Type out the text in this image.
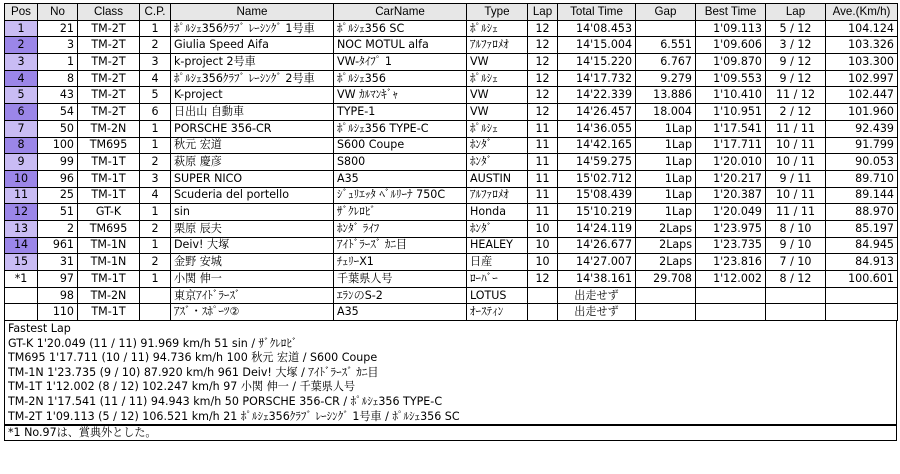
Pos	No	Class	C.P.	Name	CarName	Type	Lap	Total Time	Gap	Best Time	Lap	Ave.(Km/h)
1	21	TM-2T	1	ﾎﾟﾙｼｪ356ｸﾗﾌﾞ ﾚｰｼﾝｸﾞ 1号車	ﾎﾟﾙｼｪ356 SC	ﾎﾟﾙｼｪ	12	14'08.453		1'09.113	5 / 12	104.124
2	3	TM-2T	2	Giulia Speed Aifa	NOC MOTUL alfa	ｱﾙﾌｧﾛﾒｵ	12	14'15.004	6.551	1'09.606	3 / 12	103.326
3	1	TM-2T	3	k-project 2号車	VW-ﾀｲﾌﾟ 1	VW	12	14'15.220	6.767	1'09.870	9 / 12	103.300
4	8	TM-2T	4	ﾎﾟﾙｼｪ356ｸﾗﾌﾞ ﾚｰｼﾝｸﾞ 2号車	ﾎﾟﾙｼｪ356	ﾎﾟﾙｼｪ	12	14'17.732	9.279	1'09.553	9 / 12	102.997
5	43	TM-2T	5	K-project	VW ｶﾙﾏﾝｷﾞｬ	VW	12	14'22.339	13.886	1'10.410	11 / 12	102.447
6	54	TM-2T	6	日出山 自動車	TYPE-1	VW	12	14'26.457	18.004	1'10.951	2 / 12	101.960
7	50	TM-2N	1	PORSCHE 356-CR	ﾎﾟﾙｼｪ356 TYPE-C	ﾎﾟﾙｼｪ	11	14'36.055	1Lap	1'17.541	11 / 11	92.439
8	100	TM695	1	秋元 宏道	S600 Coupe	ﾎﾝﾀﾞ	11	14'42.165	1Lap	1'17.711	10 / 11	91.799
9	99	TM-1T	2	萩原 慶彦	S800	ﾎﾝﾀﾞ	11	14'59.275	1Lap	1'20.010	10 / 11	90.053
10	96	TM-1T	3	SUPER NICO	A35	AUSTIN	11	15'02.712	1Lap	1'20.217	9 / 11	89.710
11	25	TM-1T	4	Scuderia del portello	ｼﾞｭﾘｴｯﾀ ﾍﾞﾙﾘｰﾅ 750C	ｱﾙﾌｧﾛﾒｵ	11	15'08.439	1Lap	1'20.387	10 / 11	89.144
12	51	GT-K	1	sin	ｻﾞｸﾚﾛﾋﾞ	Honda	11	15'10.219	1Lap	1'20.049	11 / 11	88.970
13	2	TM695	2	栗原 辰夫	ﾎﾝﾀﾞ ﾗｲﾌ	ﾎﾝﾀﾞ	10	14'24.119	2Laps	1'23.975	8 / 10	85.197
14	961	TM-1N	1	Deiv! 大塚	ｱｲﾄﾞﾗｰｽﾞ ｶﾆ目	HEALEY	10	14'26.677	2Laps	1'23.735	9 / 10	84.945
15	31	TM-1N	2	金野 安城	ﾁｪﾘｰX1	日産	10	14'27.007	2Laps	1'23.816	7 / 10	84.913
*1	97	TM-1T	1	小関 伸一	千葉県人号	ﾛｰﾊﾞｰ	12	14'38.161	29.708	1'12.002	8 / 12	100.601
	98	TM-2N		東京ｱｲﾄﾞﾗｰｽﾞ	ｴﾗﾝのS-2	LOTUS		出走せず				
	110	TM-1T		ｱｽﾞ・ｽﾎﾟｰﾂ②	A35	ｵｰｽﾃｨﾝ		出走せず				
Fastest Lap
GT-K 1'20.049 (11 / 11) 91.969 km/h 51 sin / ｻﾞｸﾚﾛﾋﾞ
TM695 1'17.711 (10 / 11) 94.736 km/h 100 秋元 宏道 / S600 Coupe
TM-1N 1'23.735 (9 / 10) 87.920 km/h 961 Deiv! 大塚 / ｱｲﾄﾞﾗｰｽﾞ ｶﾆ目
TM-1T 1'12.002 (8 / 12) 102.247 km/h 97 小関 伸一 / 千葉県人号
TM-2N 1'17.541 (11 / 11) 94.943 km/h 50 PORSCHE 356-CR / ﾎﾟﾙｼｪ356 TYPE-C
TM-2T 1'09.113 (5 / 12) 106.521 km/h 21 ﾎﾟﾙｼｪ356ｸﾗﾌﾞ ﾚｰｼﾝｸﾞ 1号車 / ﾎﾟﾙｼｪ356 SC
*1 No.97は、賞典外とした。
